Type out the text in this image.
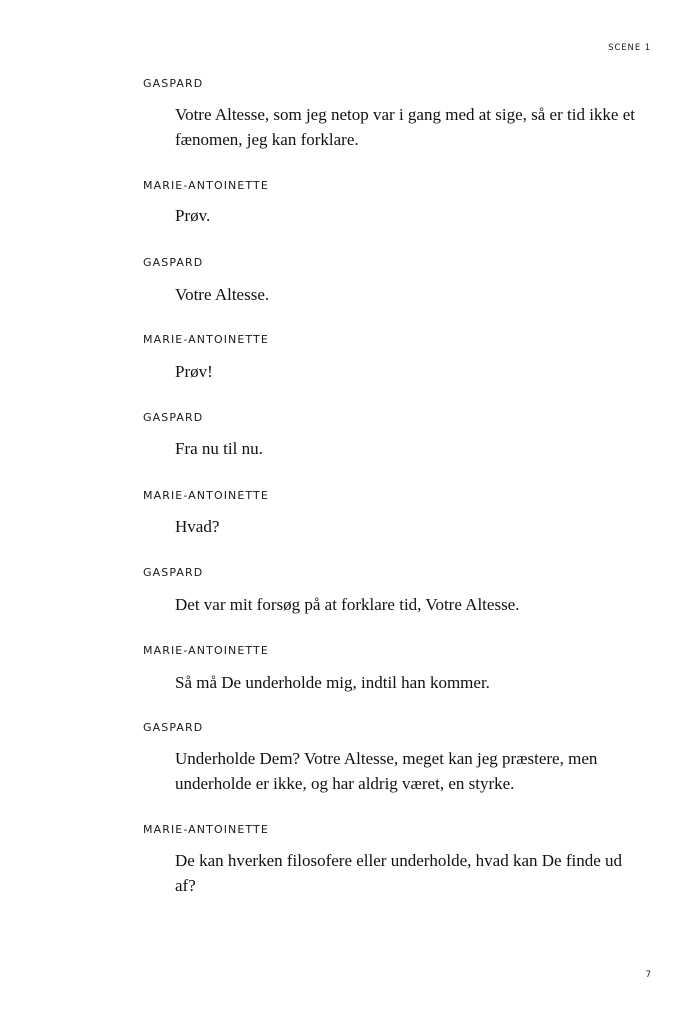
SCENE 1
GASPARD
Votre Altesse, som jeg netop var i gang med at sige, så er tid ikke et fænomen, jeg kan forklare.
MARIE-ANTOINETTE
Prøv.
GASPARD
Votre Altesse.
MARIE-ANTOINETTE
Prøv!
GASPARD
Fra nu til nu.
MARIE-ANTOINETTE
Hvad?
GASPARD
Det var mit forsøg på at forklare tid, Votre Altesse.
MARIE-ANTOINETTE
Så må De underholde mig, indtil han kommer.
GASPARD
Underholde Dem? Votre Altesse, meget kan jeg præstere, men underholde er ikke, og har aldrig været, en styrke.
MARIE-ANTOINETTE
De kan hverken filosofere eller underholde, hvad kan De finde ud af?
7
